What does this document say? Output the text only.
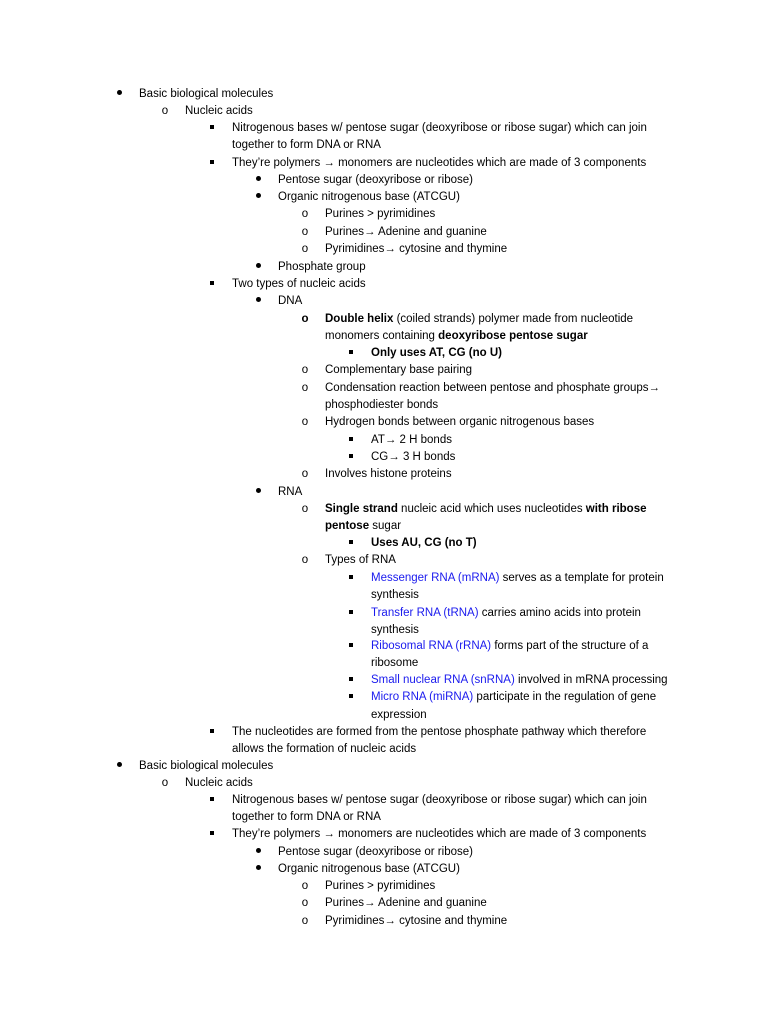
Basic biological molecules
o	Nucleic acids
Nitrogenous bases w/ pentose sugar (deoxyribose or ribose sugar) which can join
together to form DNA or RNA
They’re polymers → monomers are nucleotides which are made of 3 components
Pentose sugar (deoxyribose or ribose)
Organic nitrogenous base (ATCGU)
o	Purines > pyrimidines
o	Purines→ Adenine and guanine
o	Pyrimidines→ cytosine and thymine
Phosphate group
Two types of nucleic acids
DNA
o	Double helix (coiled strands) polymer made from nucleotide
monomers containing deoxyribose pentose sugar
Only uses AT, CG (no U)
o	Complementary base pairing
o	Condensation reaction between pentose and phosphate groups→
phosphodiester bonds
o	Hydrogen bonds between organic nitrogenous bases
AT→ 2 H bonds
CG→ 3 H bonds
o	Involves histone proteins
RNA
o	Single strand nucleic acid which uses nucleotides with ribose
pentose sugar
Uses AU, CG (no T)
o	Types of RNA
Messenger RNA (mRNA) serves as a template for protein
synthesis
Transfer RNA (tRNA) carries amino acids into protein
synthesis
Ribosomal RNA (rRNA) forms part of the structure of a
ribosome
Small nuclear RNA (snRNA) involved in mRNA processing
Micro RNA (miRNA) participate in the regulation of gene
expression
The nucleotides are formed from the pentose phosphate pathway which therefore
allows the formation of nucleic acids
Basic biological molecules
o	Nucleic acids
Nitrogenous bases w/ pentose sugar (deoxyribose or ribose sugar) which can join
together to form DNA or RNA
They’re polymers → monomers are nucleotides which are made of 3 components
Pentose sugar (deoxyribose or ribose)
Organic nitrogenous base (ATCGU)
o	Purines > pyrimidines
o	Purines→ Adenine and guanine
o	Pyrimidines→ cytosine and thymine
